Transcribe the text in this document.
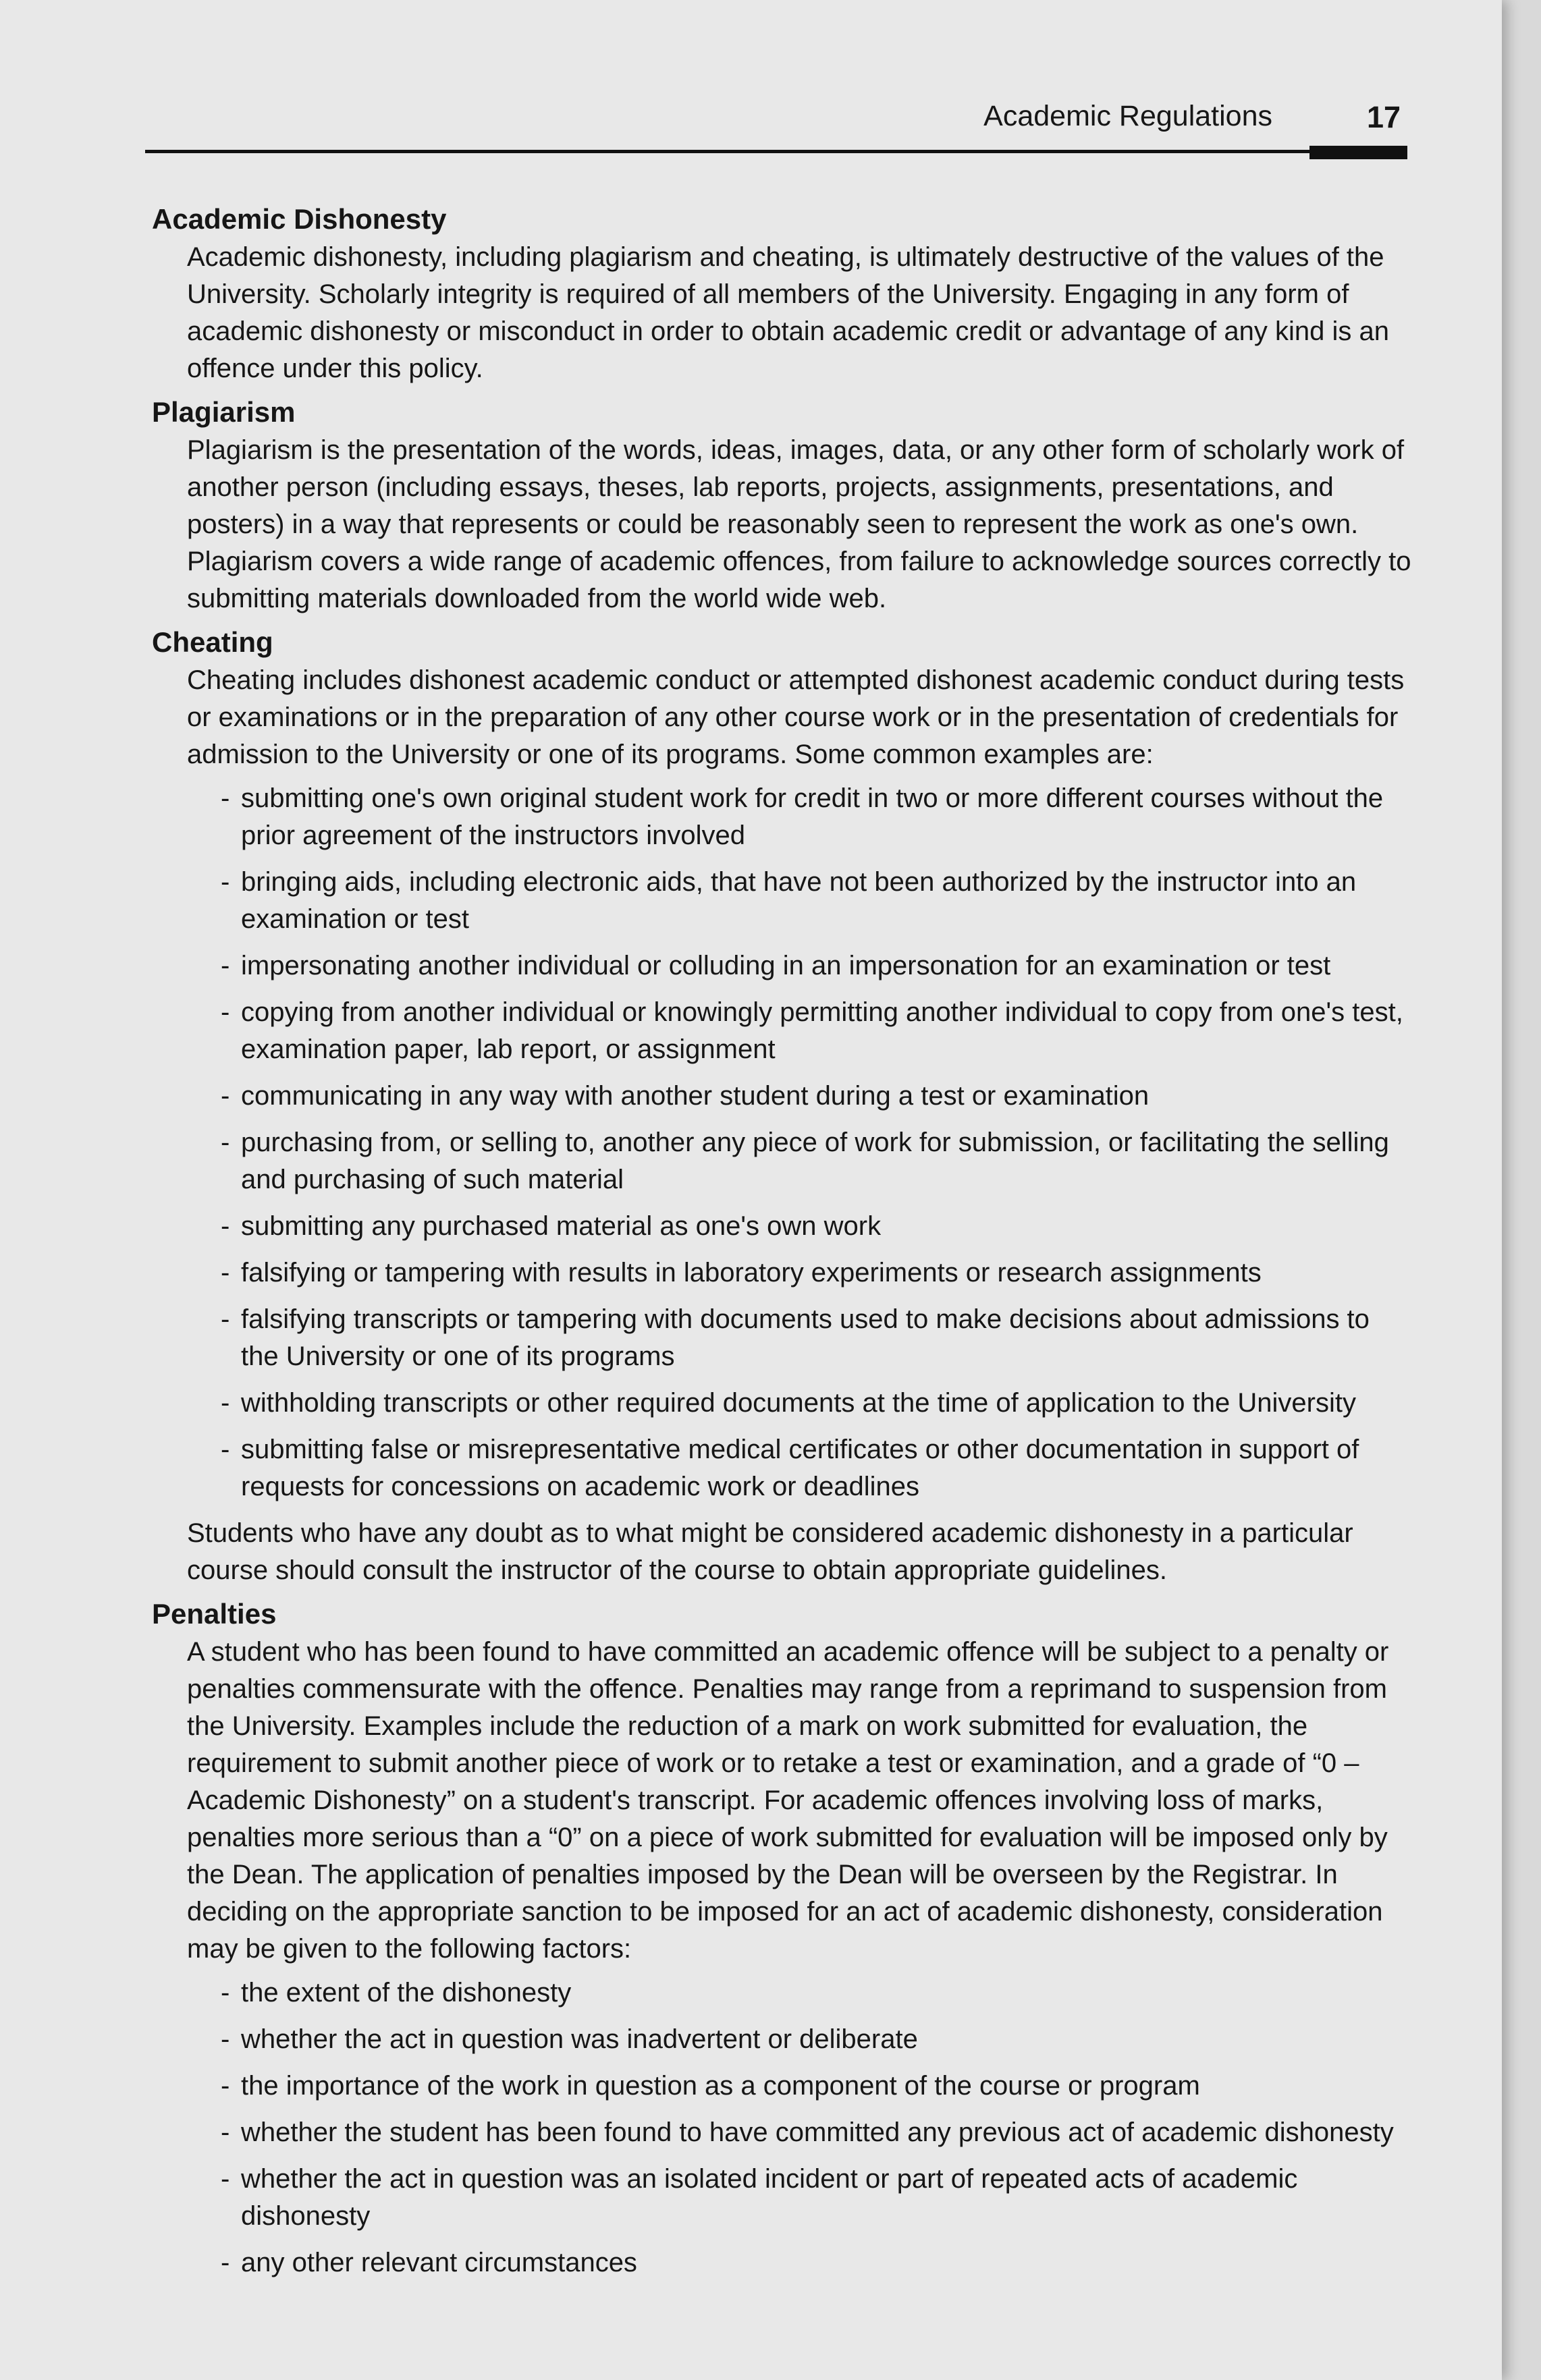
Academic Regulations	17
Academic Dishonesty

Academic dishonesty, including plagiarism and cheating, is ultimately destructive of the values of the University. Scholarly integrity is required of all members of the University. Engaging in any form of academic dishonesty or misconduct in order to obtain academic credit or advantage of any kind is an offence under this policy.

Plagiarism

Plagiarism is the presentation of the words, ideas, images, data, or any other form of scholarly work of another person (including essays, theses, lab reports, projects, assignments, presentations, and posters) in a way that represents or could be reasonably seen to represent the work as one's own. Plagiarism covers a wide range of academic offences, from failure to acknowledge sources correctly to submitting materials downloaded from the world wide web.

Cheating

Cheating includes dishonest academic conduct or attempted dishonest academic conduct during tests or examinations or in the preparation of any other course work or in the presentation of credentials for admission to the University or one of its programs. Some common examples are:

- submitting one's own original student work for credit in two or more different courses without the prior agreement of the instructors involved
- bringing aids, including electronic aids, that have not been authorized by the instructor into an examination or test
- impersonating another individual or colluding in an impersonation for an examination or test
- copying from another individual or knowingly permitting another individual to copy from one's test, examination paper, lab report, or assignment
- communicating in any way with another student during a test or examination
- purchasing from, or selling to, another any piece of work for submission, or facilitating the selling and purchasing of such material
- submitting any purchased material as one's own work
- falsifying or tampering with results in laboratory experiments or research assignments
- falsifying transcripts or tampering with documents used to make decisions about admissions to the University or one of its programs
- withholding transcripts or other required documents at the time of application to the University
- submitting false or misrepresentative medical certificates or other documentation in support of requests for concessions on academic work or deadlines

Students who have any doubt as to what might be considered academic dishonesty in a particular course should consult the instructor of the course to obtain appropriate guidelines.

Penalties

A student who has been found to have committed an academic offence will be subject to a penalty or penalties commensurate with the offence. Penalties may range from a reprimand to suspension from the University. Examples include the reduction of a mark on work submitted for evaluation, the requirement to submit another piece of work or to retake a test or examination, and a grade of “0 – Academic Dishonesty” on a student's transcript. For academic offences involving loss of marks, penalties more serious than a “0” on a piece of work submitted for evaluation will be imposed only by the Dean. The application of penalties imposed by the Dean will be overseen by the Registrar. In deciding on the appropriate sanction to be imposed for an act of academic dishonesty, consideration may be given to the following factors:

- the extent of the dishonesty
- whether the act in question was inadvertent or deliberate
- the importance of the work in question as a component of the course or program
- whether the student has been found to have committed any previous act of academic dishonesty
- whether the act in question was an isolated incident or part of repeated acts of academic dishonesty
- any other relevant circumstances
